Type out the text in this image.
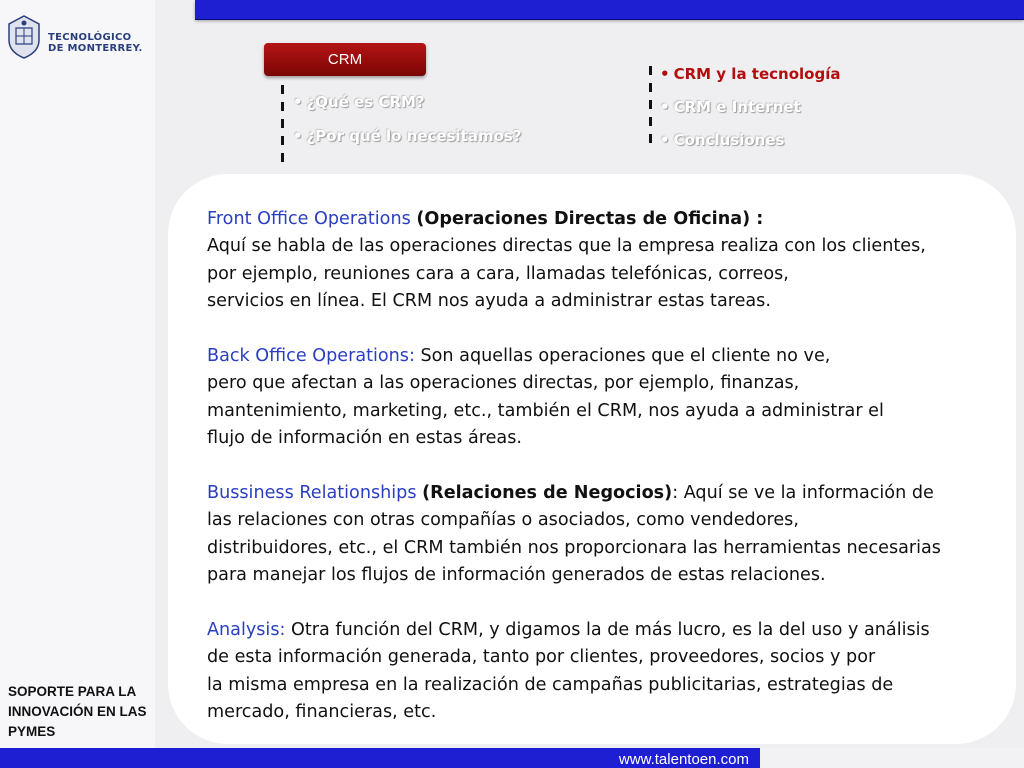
TECNOLÓGICO
DE MONTERREY.
SOPORTE PARA LA INNOVACIÓN EN LAS PYMES
CRM
• ¿Qué es CRM?
• ¿Por qué lo necesitamos?
• CRM y la tecnología
• CRM e Internet
• Conclusiones

Front Office Operations (Operaciones Directas de Oficina) :
Aquí se habla de las operaciones directas que la empresa realiza con los clientes,
por ejemplo, reuniones cara a cara, llamadas telefónicas, correos,
servicios en línea. El CRM nos ayuda a administrar estas tareas.

Back Office Operations: Son aquellas operaciones que el cliente no ve,
pero que afectan a las operaciones directas, por ejemplo, finanzas,
mantenimiento, marketing, etc., también el CRM, nos ayuda a administrar el
flujo de información en estas áreas.

Bussiness Relationships (Relaciones de Negocios): Aquí se ve la información de
las relaciones con otras compañías o asociados, como vendedores,
distribuidores, etc., el CRM también nos proporcionara las herramientas necesarias
para manejar los flujos de información generados de estas relaciones.

Analysis: Otra función del CRM, y digamos la de más lucro, es la del uso y análisis
de esta información generada, tanto por clientes, proveedores, socios y por
la misma empresa en la realización de campañas publicitarias, estrategias de
mercado, financieras, etc.

www.talentoen.com
